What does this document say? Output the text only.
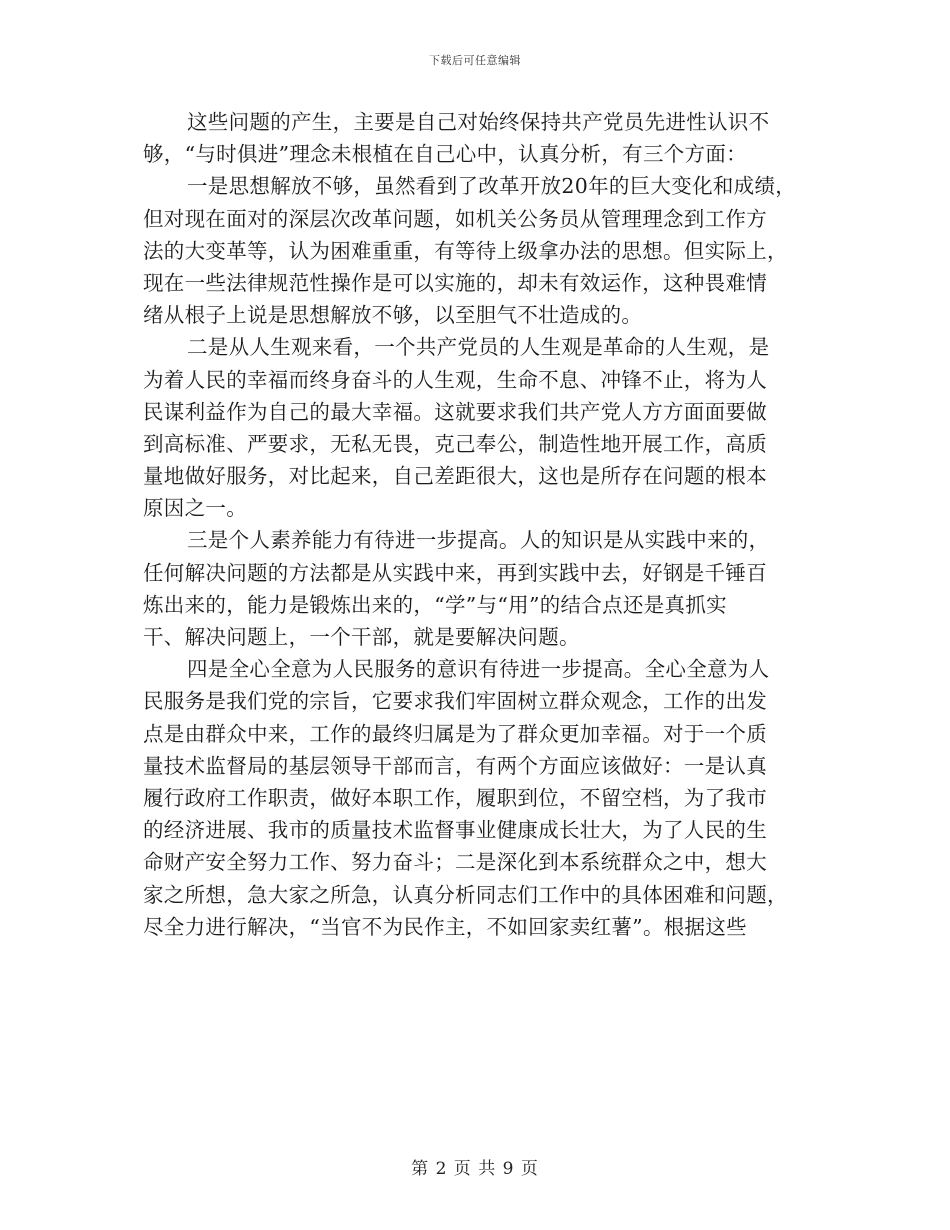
下载后可任意编辑
这些问题的产生，主要是自己对始终保持共产党员先进性认识不
够，“与时俱进”理念未根植在自己心中，认真分析，有三个方面：
一是思想解放不够，虽然看到了改革开放20年的巨大变化和成绩，
但对现在面对的深层次改革问题，如机关公务员从管理理念到工作方
法的大变革等，认为困难重重，有等待上级拿办法的思想。但实际上，
现在一些法律规范性操作是可以实施的，却未有效运作，这种畏难情
绪从根子上说是思想解放不够，以至胆气不壮造成的。
二是从人生观来看，一个共产党员的人生观是革命的人生观，是
为着人民的幸福而终身奋斗的人生观，生命不息、冲锋不止，将为人
民谋利益作为自己的最大幸福。这就要求我们共产党人方方面面要做
到高标准、严要求，无私无畏，克己奉公，制造性地开展工作，高质
量地做好服务，对比起来，自己差距很大，这也是所存在问题的根本
原因之一。
三是个人素养能力有待进一步提高。人的知识是从实践中来的，
任何解决问题的方法都是从实践中来，再到实践中去，好钢是千锤百
炼出来的，能力是锻炼出来的，“学”与“用”的结合点还是真抓实
干、解决问题上，一个干部，就是要解决问题。
四是全心全意为人民服务的意识有待进一步提高。全心全意为人
民服务是我们党的宗旨，它要求我们牢固树立群众观念，工作的出发
点是由群众中来，工作的最终归属是为了群众更加幸福。对于一个质
量技术监督局的基层领导干部而言，有两个方面应该做好：一是认真
履行政府工作职责，做好本职工作，履职到位，不留空档，为了我市
的经济进展、我市的质量技术监督事业健康成长壮大，为了人民的生
命财产安全努力工作、努力奋斗；二是深化到本系统群众之中，想大
家之所想，急大家之所急，认真分析同志们工作中的具体困难和问题，
尽全力进行解决，“当官不为民作主，不如回家卖红薯”。根据这些
第 2 页 共 9 页
